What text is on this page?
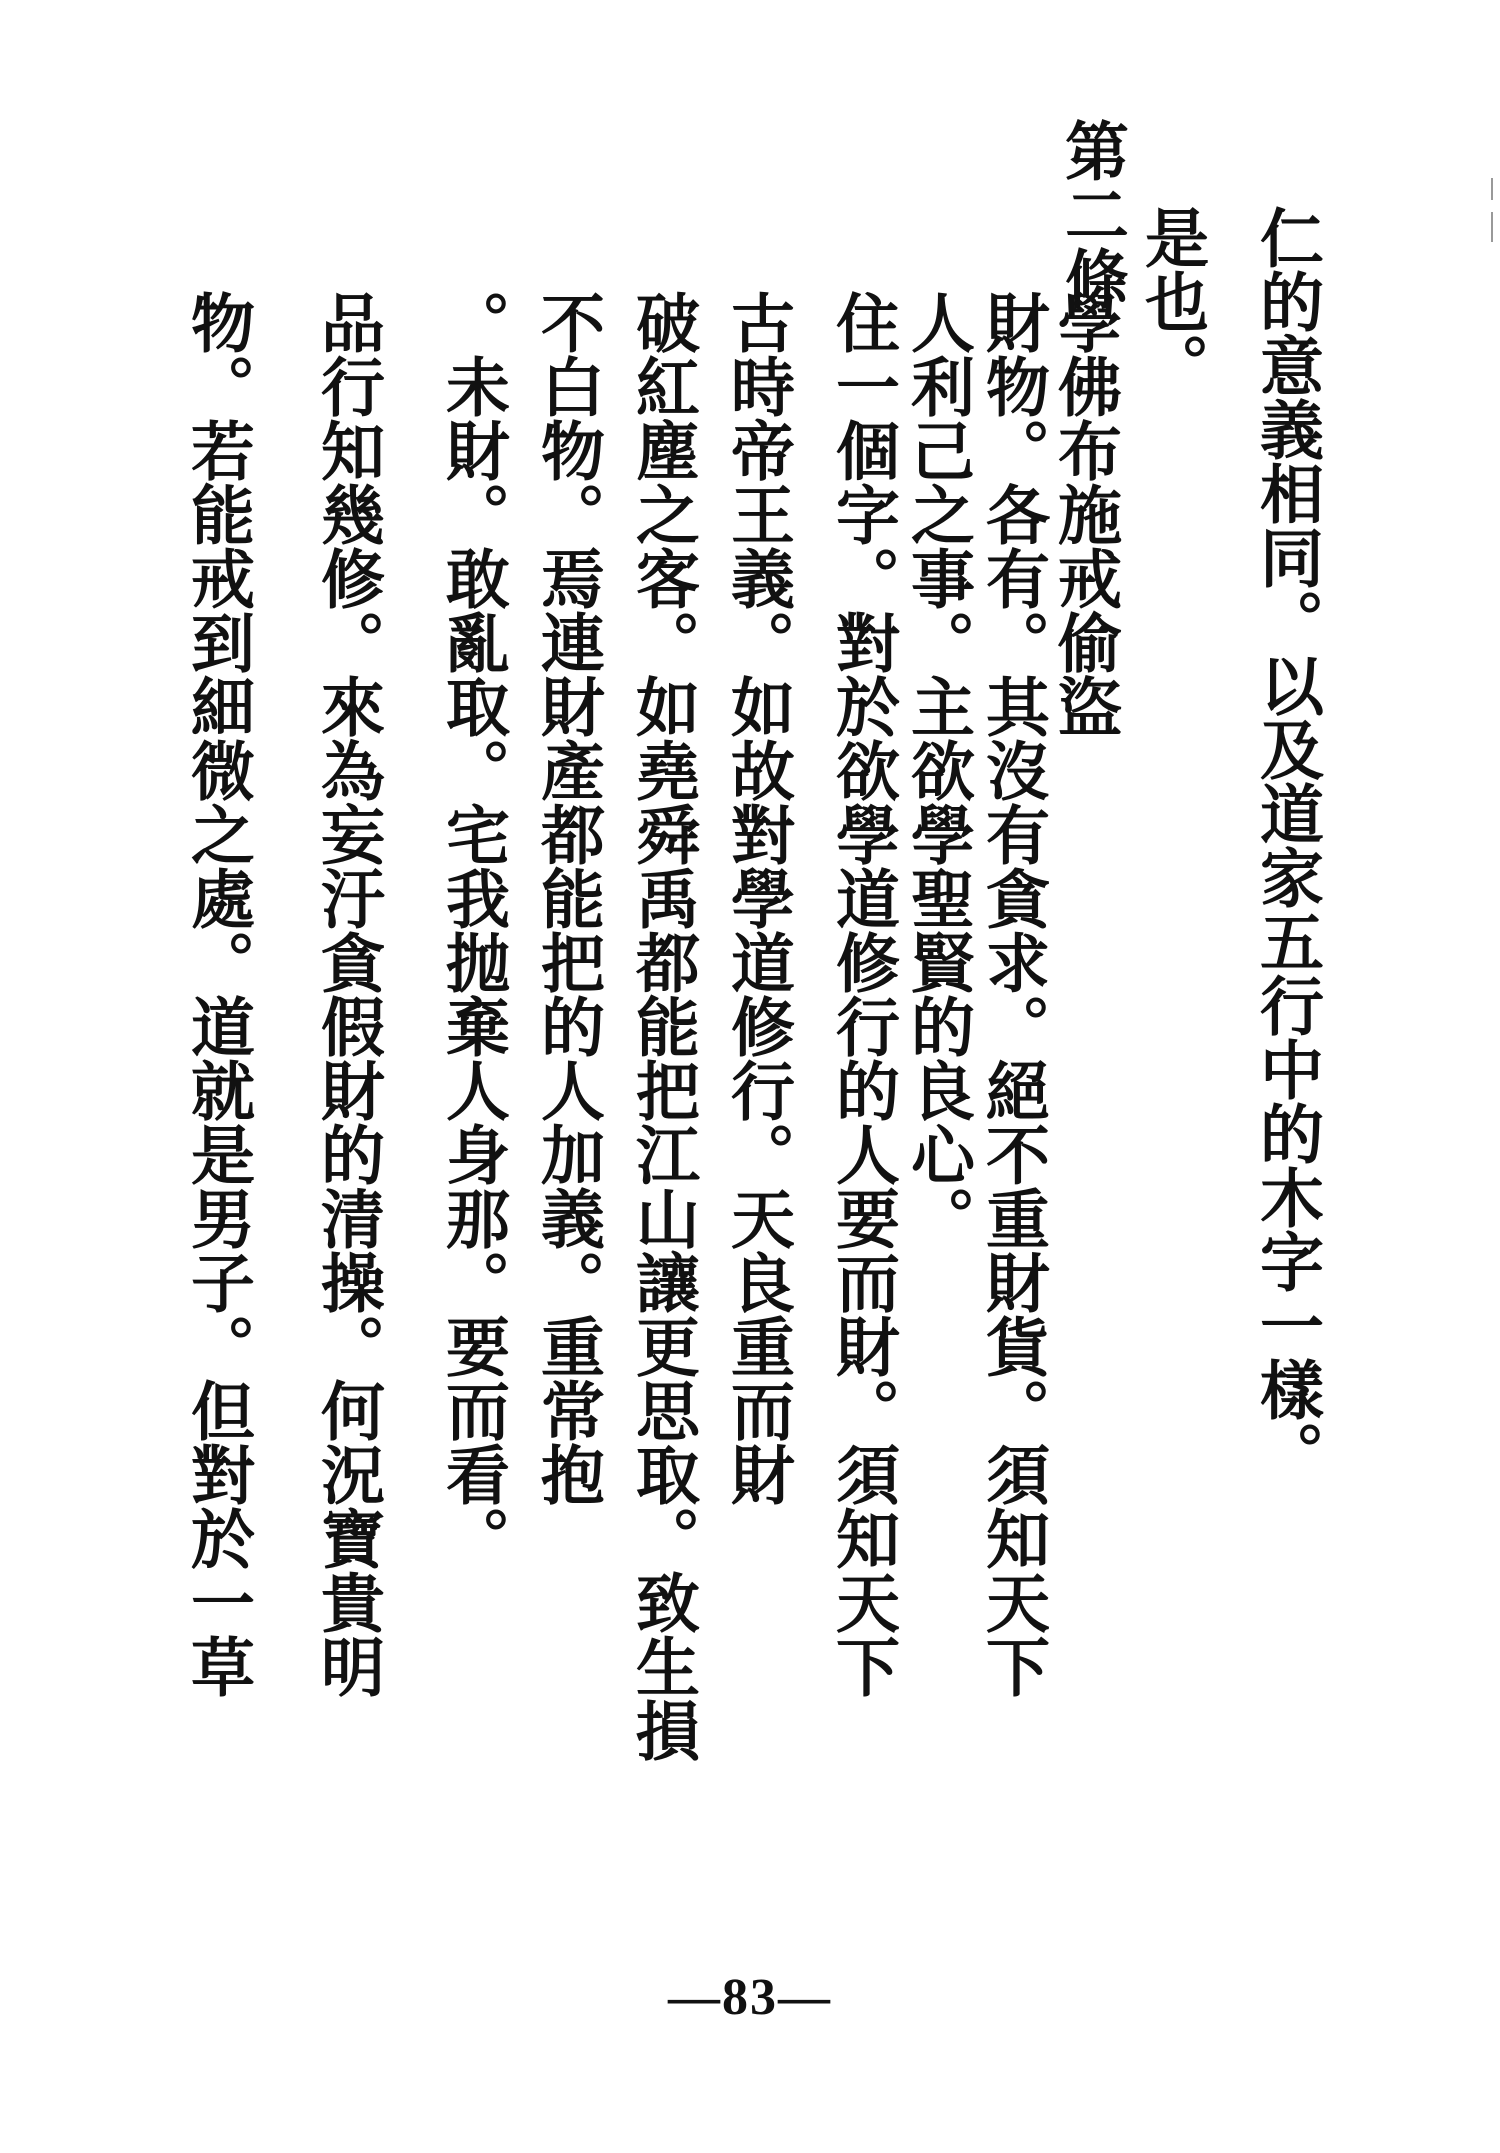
仁的意義相同。以及道家五行中的木字一樣。
是也。
第二條
學佛布施戒偷盜
財物。各有。其沒有貪求。絕不重財貨。須知天下
人利己之事。主欲學聖賢的良心。
住一個字。對於欲學道修行的人要而財。須知天下
古時帝王義。如故對學道修行。天良重而財
破紅塵之客。如堯舜禹都能把江山讓更思取。致生損
不白物。焉連財產都能把的人加義。重常抱
。未財。敢亂取。宅我抛棄人身那。要而看。
品行知幾修。來為妄汙貪假財的清操。何況寶貴明
物。若能戒到細微之處。道就是男子。但對於一草
—83—
